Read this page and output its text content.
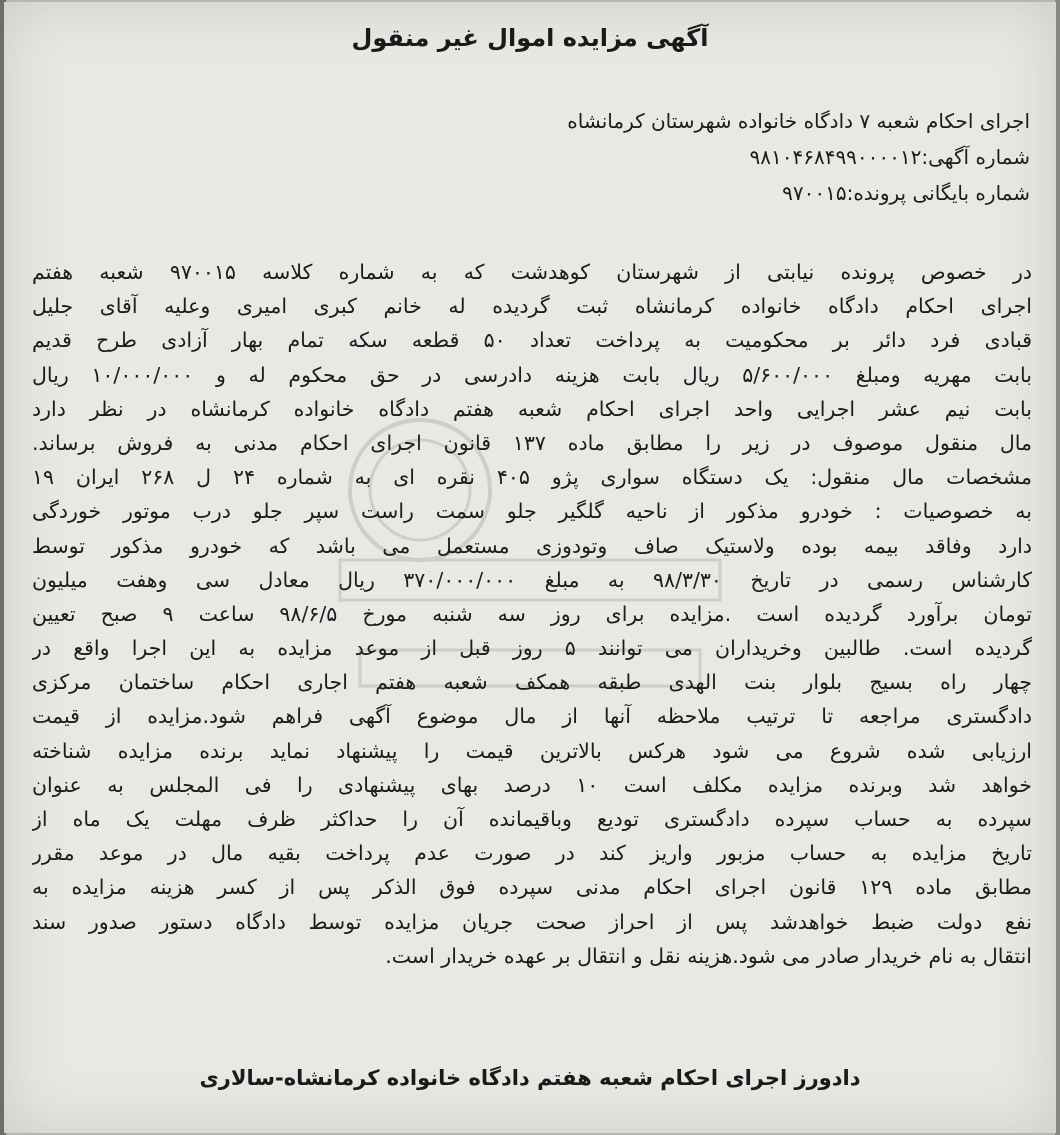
آگهی مزایده اموال غیر منقول
اجرای احکام شعبه ۷ دادگاه خانواده شهرستان کرمانشاه
شماره آگهی:۹۸۱۰۴۶۸۴۹۹۰۰۰۰۱۲
شماره بایگانی پرونده:۹۷۰۰۱۵
در خصوص پرونده نیابتی از شهرستان کوهدشت که به شماره کلاسه ۹۷۰۰۱۵ شعبه هفتم
اجرای احکام دادگاه خانواده کرمانشاه ثبت گردیده له خانم کبری امیری وعلیه آقای جلیل
قبادی فرد دائر بر محکومیت به پرداخت تعداد ۵۰ قطعه سکه تمام بهار آزادی طرح قدیم
بابت مهریه ومبلغ ۵/۶۰۰/۰۰۰ ریال بابت هزینه دادرسی در حق محکوم له و ۱۰/۰۰۰/۰۰۰ ریال
بابت نیم عشر اجرایی واحد اجرای احکام شعبه هفتم دادگاه خانواده کرمانشاه در نظر دارد
مال منقول موصوف در زیر را مطابق ماده ۱۳۷ قانون اجرای احکام مدنی به فروش برساند.
مشخصات مال منقول: یک دستگاه سواری پژو ۴۰۵ نقره ای به شماره ۲۴ ل ۲۶۸ ایران ۱۹
به خصوصیات : خودرو مذکور از ناحیه گلگیر جلو سمت راست سپر جلو درب موتور خوردگی
دارد وفاقد بیمه بوده ولاستیک صاف وتودوزی مستعمل می باشد که خودرو مذکور توسط
کارشناس رسمی در تاریخ ۹۸/۳/۳۰ به مبلغ ۳۷۰/۰۰۰/۰۰۰ ریال معادل سی وهفت میلیون
تومان برآورد گردیده است .مزایده برای روز سه شنبه مورخ ۹۸/۶/۵ ساعت ۹ صبح تعیین
گردیده است. طالبین وخریداران می توانند ۵ روز قبل از موعد مزایده به این اجرا واقع در
چهار راه بسیج بلوار بنت الهدی طبقه همکف شعبه هفتم اجاری احکام ساختمان مرکزی
دادگستری مراجعه تا ترتیب ملاحظه آنها از مال موضوع آگهی فراهم شود.مزایده از قیمت
ارزیابی شده شروع می شود هرکس بالاترین قیمت را پیشنهاد نماید برنده مزایده شناخته
خواهد شد وبرنده مزایده مکلف است ۱۰ درصد بهای پیشنهادی را فی المجلس به عنوان
سپرده به حساب سپرده دادگستری تودیع وباقیمانده آن را حداکثر ظرف مهلت یک ماه از
تاریخ مزایده به حساب مزبور واریز کند در صورت عدم پرداخت بقیه مال در موعد مقرر
مطابق ماده ۱۲۹ قانون اجرای احکام مدنی سپرده فوق الذکر پس از کسر هزینه مزایده به
نفع دولت ضبط خواهدشد پس از احراز صحت جریان مزایده توسط دادگاه دستور صدور سند
انتقال به نام خریدار صادر می شود.هزینه نقل و انتقال بر عهده خریدار است.
دادورز اجرای احکام شعبه هفتم دادگاه خانواده کرمانشاه-سالاری
